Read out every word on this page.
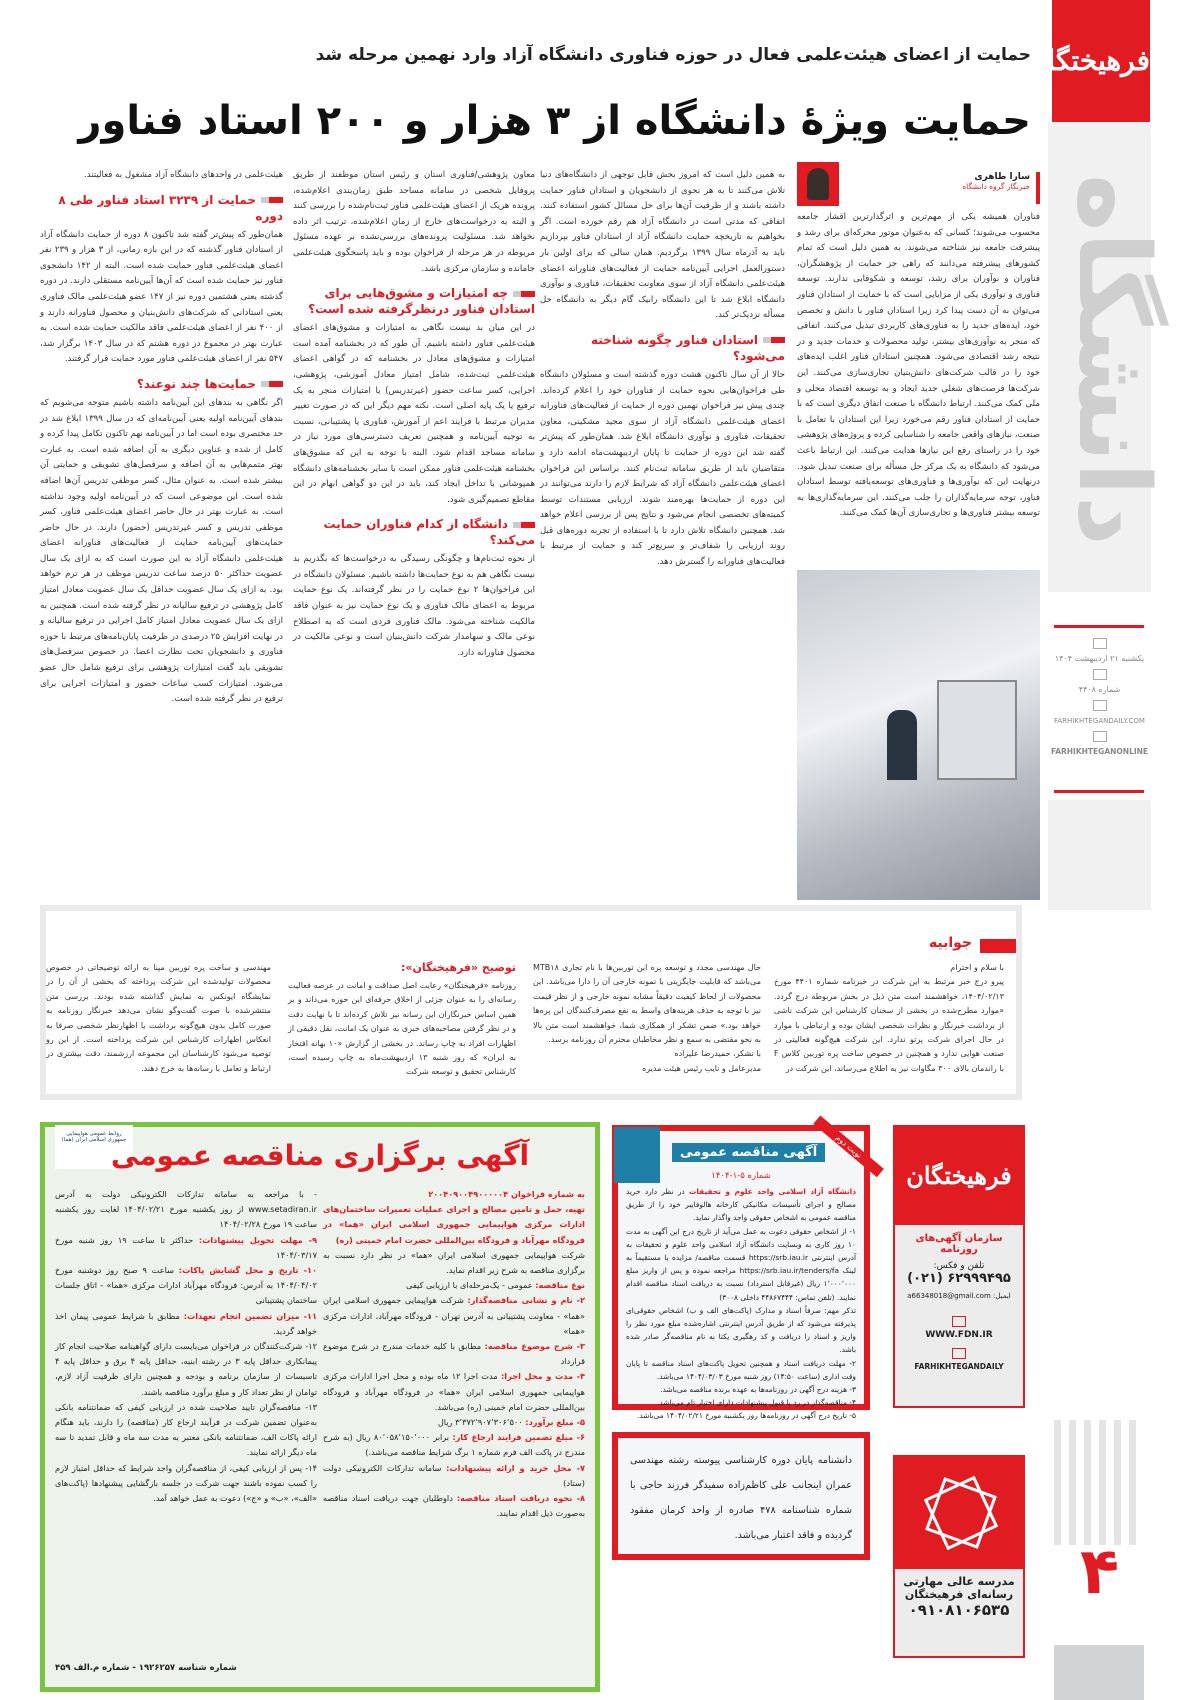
فرهیختگان
دانشگاه
یکشنبه ۲۱ اردیبهشت ۱۴۰۴
شماره ۴۴۰۸
FARHIKHTEGANDAILY.COM
FARHIKHTEGANONLINE
۴
حمایت از اعضای هیئت‌علمی فعال در حوزه فناوری دانشگاه آزاد وارد نهمین مرحله شد
حمایت ویژهٔ دانشگاه از ۳ هزار و ۲۰۰ استاد فناور
سارا طاهری
خبرنگار گروه دانشگاه
فناوران همیشه یکی از مهم‌ترین و اثرگذارترین اقشار جامعه محسوب می‌شوند؛ کسانی که به‌عنوان موتور محرکه‌ای برای رشد و پیشرفت جامعه نیز شناخته می‌شوند. به همین دلیل است که تمام کشورهای پیشرفته می‌دانند که راهی جز حمایت از پژوهشگران، فناوران و نوآوران برای رشد، توسعه و شکوفایی ندارند. توسعه فناوری و نوآوری یکی از مزایایی است که با حمایت از استادان فناور می‌توان به آن دست پیدا کرد زیرا استادان فناور با دانش و تخصص خود، ایده‌های جدید را به فناوری‌های کاربردی تبدیل می‌کنند. اتفاقی که منجر به نوآوری‌های بیشتر، تولید محصولات و خدمات جدید و در نتیجه رشد اقتصادی می‌شود. همچنین استادان فناور اغلب ایده‌های خود را در قالب شرکت‌های دانش‌بنیان تجاری‌سازی می‌کنند. این شرکت‌ها فرصت‌های شغلی جدید ایجاد و به توسعه اقتصاد محلی و ملی کمک می‌کنند. ارتباط دانشگاه با صنعت اتفاق دیگری است که با حمایت از استادان فناور رقم می‌خورد زیرا این استادان با تعامل با صنعت، نیازهای واقعی جامعه را شناسایی کرده و پروژه‌های پژوهشی خود را در راستای رفع این نیازها هدایت می‌کنند. این ارتباط باعث می‌شود که دانشگاه به یک مرکز حل مسأله برای صنعت تبدیل شود. درنهایت این که نوآوری‌ها و فناوری‌های توسعه‌یافته توسط استادان فناور، توجه سرمایه‌گذاران را جلب می‌کنند. این سرمایه‌گذاری‌ها به توسعه بیشتر فناوری‌ها و تجاری‌سازی آن‌ها کمک می‌کنند.
به همین دلیل است که امروز بخش قابل توجهی از دانشگاه‌های دنیا تلاش می‌کنند تا به هر نحوی از دانشجویان و استادان فناور حمایت داشته باشند و از ظرفیت آن‌ها برای حل مسائل کشور استفاده کنند. اتفاقی که مدتی است در دانشگاه آزاد هم رقم خورده است. اگر بخواهیم به تاریخچه حمایت دانشگاه آزاد از استادان فناور بپردازیم باید به آذرماه سال ۱۳۹۹ برگردیم. همان سالی که برای اولین بار دستورالعمل اجرایی آیین‌نامه حمایت از فعالیت‌های فناورانه اعضای هیئت‌علمی دانشگاه آزاد از سوی معاونت تحقیقات، فناوری و نوآوری دانشگاه ابلاغ شد تا این دانشگاه رابیک گام دیگر به دانشگاه حل مسأله نزدیک‌تر کند.
استادان فناور چگونه شناخته می‌شود؟
حالا از آن سال تاکنون هشت دوره گذشته است و مسئولان دانشگاه طی فراخوان‌هایی نحوه حمایت از فناوران خود را اعلام کرده‌اند. چندی پیش نیز فراخوان نهمین دوره از حمایت از فعالیت‌های فناورانه اعضای هیئت‌علمی دانشگاه آزاد از سوی مجید مشکینی، معاون تحقیقات، فناوری و نوآوری دانشگاه ابلاغ شد. همان‌طور که پیش‌تر گفته شد این دوره از حمایت تا پایان اردیبهشت‌ماه ادامه دارد و متقاضیان باید از طریق سامانه ثبت‌نام کنند. براساس این فراخوان اعضای هیئت‌علمی دانشگاه آزاد که شرایط لازم را دارند می‌توانند در این دوره از حمایت‌ها بهره‌مند شوند. ارزیابی مستندات توسط کمیته‌های تخصصی انجام می‌شود و نتایج پس از بررسی اعلام خواهد شد. همچنین دانشگاه تلاش دارد تا با استفاده از تجربه دوره‌های قبل روند ارزیابی را شفاف‌تر و سریع‌تر کند و حمایت از مرتبط با فعالیت‌های فناورانه را گسترش دهد.
معاون پژوهشی/فناوری استان و رئیس استان موظفند از طریق پروفایل شخصی در سامانه مساجد طبق زمان‌بندی اعلام‌شده، پرونده هریک از اعضای هیئت‌علمی فناور ثبت‌نام‌شده را بررسی کنند و البته به درخواست‌های خارج از زمان اعلام‌شده، ترتیب اثر داده نخواهد شد. مسئولیت پرونده‌های بررسی‌نشده بر عهده مسئول مربوطه در هر مرحله از فراخوان بوده و باید پاسخگوی هیئت‌علمی جامانده و سازمان مرکزی باشد.
چه امتیازات و مشوق‌هایی برای استادان فناور درنظرگرفته شده است؟
در این میان بد نیست نگاهی به امتیازات و مشوق‌های اعضای هیئت‌علمی فناور داشته باشیم. آن طور که در بخشنامه آمده است امتیازات و مشوق‌های معادل در بخشنامه که در گواهی اعضای هیئت‌علمی ثبت‌شده، شامل امتیاز معادل آموزشی، پژوهشی، اجرایی، کسر ساعت حضور (غیرتدریس) یا امتیازات منجر به یک ترفیع یا یک پایه اصلی است. نکته مهم دیگر این که در صورت تغییر مدیران مرتبط با فرایند اعم از آموزش، فناوری یا پشتیبانی، نسبت به توجیه آیین‌نامه و همچنین تعریف دسترسی‌های مورد نیاز در سامانه مساجد اقدام شود. البته با توجه به این که مشوق‌های بخشنامه هیئت‌علمی فناور ممکن است با سایر بخشنامه‌های دانشگاه همپوشانی یا تداخل ایجاد کند، باید در این دو گواهی ابهام در این مقاطع تصمیم‌گیری شود.
دانشگاه از کدام فناوران حمایت می‌کند؟
از نحوه ثبت‌نام‌ها و چگونگی رسیدگی به درخواست‌ها که بگذریم بد نیست نگاهی هم به نوع حمایت‌ها داشته باشیم. مسئولان دانشگاه در این فراخوان‌ها ۲ نوع حمایت را در نظر گرفته‌اند. یک نوع حمایت مربوط به اعضای مالک فناوری و یک نوع حمایت نیز به عنوان فاقد مالکیت شناخته می‌شود. مالک فناوری فردی است که به اصطلاح نوعی مالک و سهامدار شرکت دانش‌بنیان است و نوعی مالکیت در محصول فناورانه دارد.
هیئت‌علمی در واحدهای دانشگاه آزاد مشغول به فعالیتند.
حمایت از ۳۲۳۹ استاد فناور طی ۸ دوره
همان‌طور که پیش‌تر گفته شد تاکنون ۸ دوره از حمایت دانشگاه آزاد از استادان فناور گذشته که در این بازه زمانی، از ۳ هزار و ۲۳۹ نفر اعضای هیئت‌علمی فناور حمایت شده است. البته از ۱۴۲ دانشجوی فناور نیز حمایت شده است که آن‌ها آیین‌نامه مستقلی دارند. در دوره گذشته یعنی هشتمین دوره نیز از ۱۴۷ عضو هیئت‌علمی مالک فناوری یعنی استادانی که شرکت‌های دانش‌بنیان و محصول فناورانه دارند و از ۴۰۰ نفر از اعضای هیئت‌علمی فاقد مالکیت حمایت شده است. به عبارت بهتر در مجموع در دوره هشتم که در سال ۱۴۰۳ برگزار شد، ۵۴۷ نفر از اعضای هیئت‌علمی فناور مورد حمایت قرار گرفتند.
حمایت‌ها چند نوعند؟
اگر نگاهی به بندهای این آیین‌نامه داشته باشیم متوجه می‌شویم که بندهای آیین‌نامه اولیه یعنی آیین‌نامه‌ای که در سال ۱۳۹۹ ابلاغ شد در حد مختصری بوده است اما در آیین‌نامه نهم تاکنون تکامل پیدا کرده و کامل از شده و عناوین دیگری به آن اضافه شده است. به عبارت بهتر متمم‌هایی به آن اضافه و سرفصل‌های تشویقی و حمایتی آن بیشتر شده است. به عنوان مثال، کسر موظفی تدریس آن‌ها اضافه شده است. این موضوعی است که در آیین‌نامه اولیه وجود نداشته است. به عبارت بهتر در حال حاضر اعضای هیئت‌علمی فناور، کسر موظفی تدریس و کسر غیرتدریس (حضور) دارند. در حال حاضر حمایت‌های آیین‌نامه حمایت از فعالیت‌های فناورانه اعضای هیئت‌علمی دانشگاه آزاد به این صورت است که به ازای یک سال عضویت حداکثر ۵۰ درصد ساعت تدریس موظف در هر ترم خواهد بود. به ازای یک سال عضویت حداقل یک سال عضویت معادل امتیاز کامل پژوهشی در ترفیع سالیانه در نظر گرفته شده است. همچنین به ازای یک سال عضویت معادل امتیاز کامل اجرایی در ترفیع سالیانه و در نهایت افزایش ۲۵ درصدی در ظرفیت پایان‌نامه‌های مرتبط با حوزه فناوری و دانشجویان تحت نظارت اعضا. در خصوص سرفصل‌های تشویقی باید گفت امتیازات پژوهشی برای ترفیع شامل حال عضو می‌شود. امتیازات کسب ساعات حضور و امتیازات اجرایی برای ترفیع در نظر گرفته شده است.
جوابیه
با سلام و احترام
پیرو درج خبر مرتبط به این شرکت در خبرنامه شماره ۴۴۰۱ مورخ ۱۴۰۴/۰۲/۱۳، خواهشمند است متن ذیل در بخش مربوطه درج گردد. «موارد مطرح‌شده در بخشی از سخنان کارشناس این شرکت ناشی از برداشت خبرنگار و نظرات شخصی ایشان بوده و ارتباطی با موارد در حال اجرای شرکت پرتو ندارد. این شرکت هیچ‌گونه فعالیتی در صنعت هوایی ندارد و همچنین در خصوص ساخت پره توربین کلاس F با راندمان بالای ۳۰۰ مگاوات نیز به اطلاع می‌رساند، این شرکت در
حال مهندسی مجدد و توسعه پره این توربین‌ها با نام تجاری MTB۱۸ می‌باشد که قابلیت جایگزینی با نمونه خارجی آن را دارا می‌باشد. این محصولات از لحاظ کیفیت دقیقاً مشابه نمونه خارجی و از نظر قیمت نیز با توجه به حذف هزینه‌های واسط به نفع مصرف‌کنندگان این پره‌ها خواهد بود.» ضمن تشکر از همکاری شما، خواهشمند است متن بالا به نحو مقتضی به سمع و نظر مخاطبان محترم آن روزنامه برسد.
با تشکر، حمیدرضا علیزاده
مدیرعامل و نایب رئیس هیئت مدیره
توضیح «فرهیختگان»:
روزنامه «فرهیختگان» رعایت اصل صداقت و امانت در عرصه فعالیت رسانه‌ای را به عنوان جزئی از اخلاق حرفه‌ای این حوزه می‌داند و بر همین اساس خبرنگاران این رسانه نیز تلاش کرده‌اند تا با نهایت دقت و در نظر گرفتن مصاحبه‌های خبری به عنوان یک امانت، نقل دقیقی از اظهارات افراد به چاپ رساند. در بخشی از گزارش «۱۰ بهانه افتخار به ایران» که روز شنبه ۱۳ اردیبهشت‌ماه به چاپ رسیده است، کارشناس تحقیق و توسعه شرکت
مهندسی و ساخت پره توربین مپنا به ارائه توضیحاتی در خصوص محصولات تولیدشده این شرکت پرداخته که بخشی از آن را در نمایشگاه ایونکس به نمایش گذاشته شده بودند. بررسی متن منتشرشده با صوت گفت‌وگو نشان می‌دهد خبرنگار روزنامه به صورت کامل بدون هیچ‌گونه برداشت یا اظهارنظر شخصی صرفا به انعکاس اظهارات کارشناس این شرکت پرداخته است. از این رو توصیه می‌شود کارشناسان این مجموعه ارزشمند، دقت بیشتری در ارتباط و تعامل با رسانه‌ها به خرج دهند.
فرهیختگان
سازمان آگهی‌های روزنامه
تلفن و فکس:
(۰۲۱) ۶۲۹۹۹۴۹۵
ایمیل: a66348018@gmail.com
WWW.FDN.IR
FARHIKHTEGANDAILY
مدرسه عالی مهارتی
رسانه‌ای فرهیختگان
۰۹۱۰۸۱۰۶۵۳۵
نوبت دوم
آگهی مناقصه عمومی
شماره ۵-۱-۱۴۰۴
دانشگاه آزاد اسلامی واحد علوم و تحقیقات در نظر دارد خرید مصالح و اجرای تأسیسات مکانیکی کارخانه هالوفایبر خود را از طریق مناقصه عمومی به اشخاص حقوقی واجد واگذار نماید.
۱- از اشخاص حقوقی دعوت به عمل می‌آید از تاریخ درج این آگهی به مدت ۱۰ روز کاری به وبسایت دانشگاه آزاد اسلامی واحد علوم و تحقیقات به آدرس اینترنتی https://srb.iau.ir قسمت مناقصه/ مزایده یا مستقیماً به لینک https://srb.iau.ir/tenders/fa مراجعه نموده و پس از واریز مبلغ ۱٬۰۰۰٬۰۰۰ ریال (غیرقابل استرداد) نسبت به دریافت اسناد مناقصه اقدام نمایند. (تلفن تماس: ۴۴۸۶۷۴۴۴ داخلی ۳۰۰۸)
تذکر مهم: صرفاً اسناد و مدارک (پاکت‌های الف و ب) اشخاص حقوقی‌ای پذیرفته می‌شود که از طریق آدرس اینترنتی اشاره‌شده مبلغ مورد نظر را واریز و اسناد را دریافت و کد رهگیری یکتا به نام مناقصه‌گر صادر شده باشد.
۲- مهلت دریافت اسناد و همچنین تحویل پاکت‌های اسناد مناقصه تا پایان وقت اداری (ساعت ۱۴:۵۰) روز شنبه مورخ ۱۴۰۴/۰۳/۰۳ می‌باشد.
۳- هزینه درج آگهی در روزنامه‌ها به عهده برنده مناقصه می‌باشد.
۴- مناقصه‌گذار در رد یا قبول پیشنهادات دارای اختیار تام می‌باشد.
۵- تاریخ درج آگهی در روزنامه‌ها روز یکشنبه مورخ ۱۴۰۴/۰۲/۲۱ می‌باشد.
دانشنامه پایان دوره کارشناسی پیوسته رشته مهندسی عمران اینجانب علی کاظم‌زاده سفیدگر فرزند حاجی با شماره شناسنامه ۴۷۸ صادره از واحد کرمان مفقود گردیده و فاقد اعتبار می‌باشد.
روابط عمومی هواپیمایی جمهوری اسلامی ایران (هما)
آگهی برگزاری مناقصه عمومی
به شماره فراخوان ۲۰۰۴۰۹۰۰۴۹۰۰۰۰۰۴
تهیه، حمل و تامین مصالح و اجرای عملیات تعمیرات ساختمان‌های ادارات مرکزی هواپیمایی جمهوری اسلامی ایران «هما» در فرودگاه مهرآباد و فرودگاه بین‌المللی حضرت امام خمینی (ره)
شرکت هواپیمایی جمهوری اسلامی ایران «هما» در نظر دارد نسبت به برگزاری مناقصه به شرح زیر اقدام نماید.
نوع مناقصه: عمومی - یک‌مرحله‌ای با ارزیابی کیفی
۲- نام و نشانی مناقصه‌گذار: شرکت هواپیمایی جمهوری اسلامی ایران «هما» - معاونت پشتیبانی به آدرس تهران - فرودگاه مهرآباد، ادارات مرکزی «هما»
۳- شرح موضوع مناقصه: مطابق با کلیه خدمات مندرج در شرح موضوع قرارداد
۴- مدت و محل اجرا: مدت اجرا ۱۲ ماه بوده و محل اجرا ادارات مرکزی هواپیمایی جمهوری اسلامی ایران «هما» در فرودگاه مهرآباد و فرودگاه بین‌المللی حضرت امام خمینی (ره) می‌باشد.
۵- مبلغ برآورد: ۳٬۳۷۲٬۹۰۷٬۳۰۶٬۵۰۰ ریال
۶- مبلغ تضمین فرایند ارجاع کار: برابر ۸۰٬۰۵۸٬۱۵۰٬۰۰۰ ریال (به شرح مندرج در پاکت الف فرم شماره ۱ برگ شرایط مناقصه می‌باشد.)
۷- محل خرید و ارائه پیشنهادات: سامانه تدارکات الکترونیکی دولت (ستاد)
۸- نحوه دریافت اسناد مناقصه: داوطلبان جهت دریافت اسناد مناقصه به‌صورت ذیل اقدام نمایند.
- با مراجعه به سامانه تدارکات الکترونیکی دولت به آدرس www.setadiran.ir از روز یکشنبه مورخ ۱۴۰۴/۰۲/۲۱ لغایت روز یکشنبه ساعت ۱۹ مورخ ۱۴۰۴/۰۲/۲۸
۹- مهلت تحویل پیشنهادات: حداکثر تا ساعت ۱۹ روز شنبه مورخ ۱۴۰۴/۰۳/۱۷
۱۰- تاریخ و محل گشایش پاکات: ساعت ۹ صبح روز دوشنبه مورخ ۱۴۰۴/۰۴/۰۲ به آدرس: فرودگاه مهرآباد ادارات مرکزی «هما» - اتاق جلسات ساختمان پشتیبانی
۱۱- میزان تضمین انجام تعهدات: مطابق با شرایط عمومی پیمان اخذ خواهد گردید.
۱۲- شرکت‌کنندگان در فراخوان می‌بایست دارای گواهینامه صلاحیت انجام کار پیمانکاری حداقل پایه ۳ در رشته ابنیه، حداقل پایه ۴ برق و حداقل پایه ۴ تاسیسات از سازمان برنامه و بودجه و همچنین دارای ظرفیت آزاد لازم، توامان از نظر تعداد کار و مبلغ برآورد مناقصه باشند.
۱۳- مناقصه‌گران تایید صلاحیت شده در ارزیابی کیفی که ضمانتنامه بانکی به‌عنوان تضمین شرکت در فرآیند ارجاع کار (مناقصه) را دارند، باید هنگام ارائه پاکات الف، ضمانتنامه بانکی معتبر به مدت سه ماه و قابل تمدید تا سه ماه دیگر ارائه نمایند.
۱۴- پس از ارزیابی کیفی، از مناقصه‌گران واجد شرایط که حداقل امتیاز لازم را کسب نموده باشند جهت شرکت در جلسه بازگشایی پیشنهادها (پاکت‌های «الف»، «ب» و «ج») دعوت به عمل خواهد آمد.
شماره شناسه ۱۹۲۶۲۵۷ - شماره م.الف ۴۵۹
